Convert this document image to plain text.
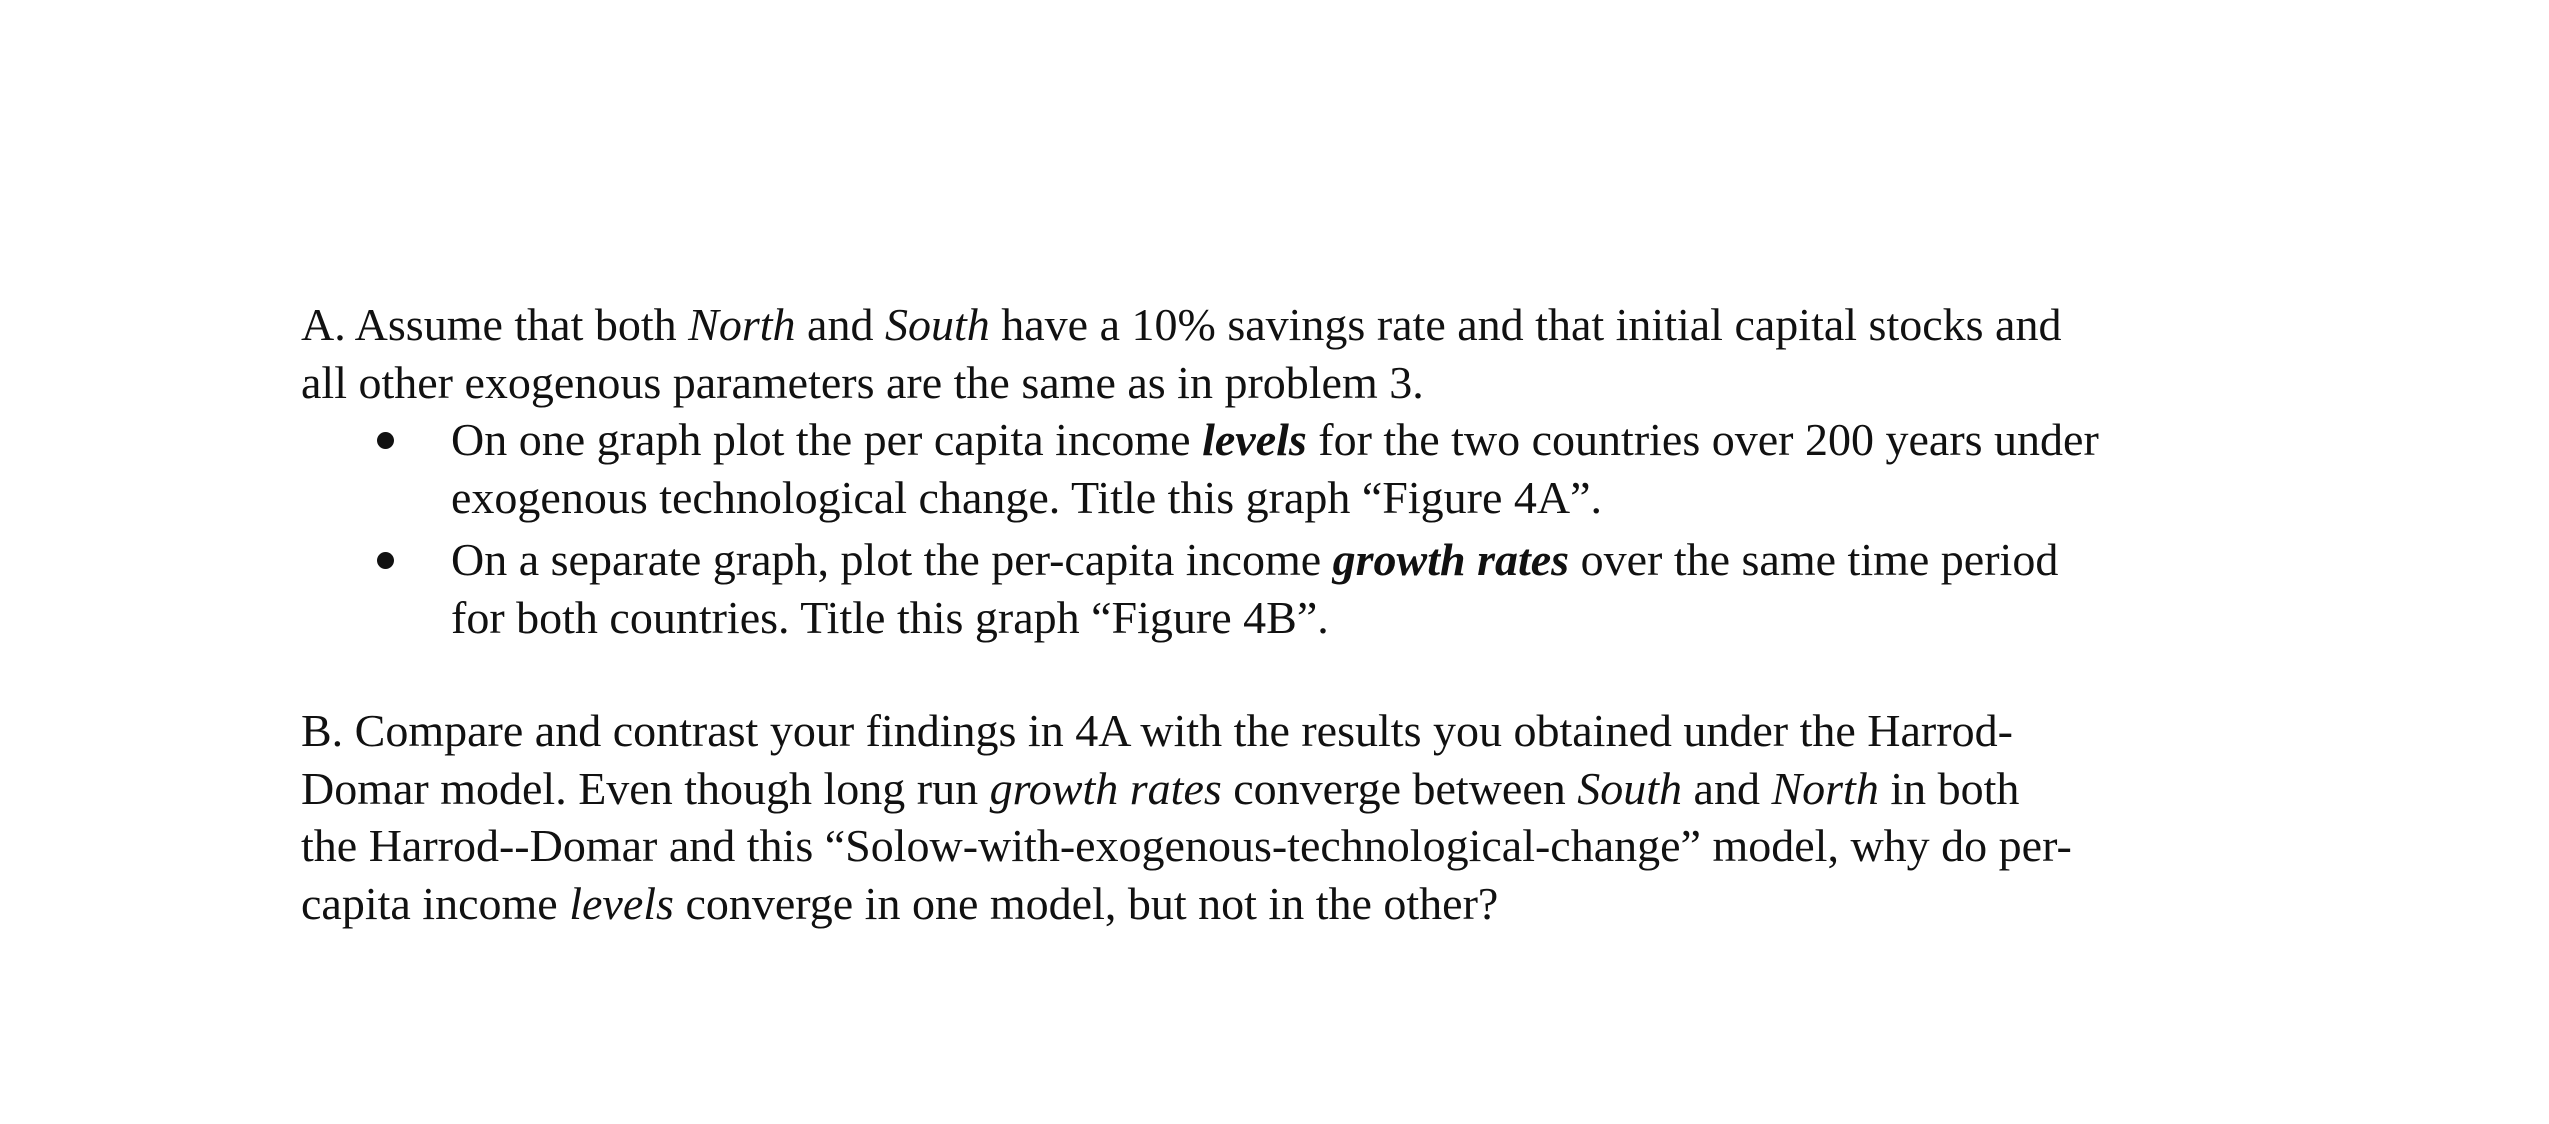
A. Assume that both North and South have a 10% savings rate and that initial capital stocks and
all other exogenous parameters are the same as in problem 3.
On one graph plot the per capita income levels for the two countries over 200 years under
exogenous technological change. Title this graph “Figure 4A”.
On a separate graph, plot the per-capita income growth rates over the same time period
for both countries. Title this graph “Figure 4B”.
B. Compare and contrast your findings in 4A with the results you obtained under the Harrod-
Domar model. Even though long run growth rates converge between South and North in both
the Harrod--Domar and this “Solow-with-exogenous-technological-change” model, why do per-
capita income levels converge in one model, but not in the other?
